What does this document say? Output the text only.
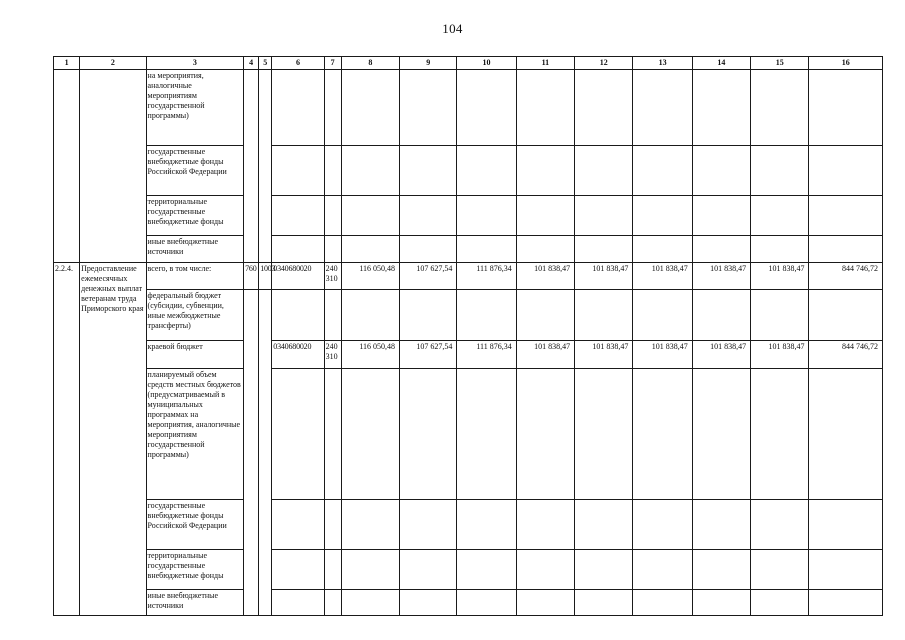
104
1	2	3	4	5	6	7	8	9	10	11	12	13	14	15	16
		на мероприятия, аналогичные мероприятиям государственной программы)													
		государственные внебюджетные фонды Российской Федерации													
		территориальные государственные внебюджетные фонды													
		иные внебюджетные источники													
2.2.4.	Предоставление ежемесячных денежных выплат ветеранам труда Приморского края	всего, в том числе:	760	1003	0340680020	240 310	116 050,48	107 627,54	111 876,34	101 838,47	101 838,47	101 838,47	101 838,47	101 838,47	844 746,72
		федеральный бюджет (субсидии, субвенции, иные межбюджетные трансферты)													
		краевой бюджет			0340680020	240 310	116 050,48	107 627,54	111 876,34	101 838,47	101 838,47	101 838,47	101 838,47	101 838,47	844 746,72
		планируемый объем средств местных бюджетов (предусматриваемый в муниципальных программах на мероприятия, аналогичные мероприятиям государственной программы)													
		государственные внебюджетные фонды Российской Федерации													
		территориальные государственные внебюджетные фонды													
		иные внебюджетные источники													
